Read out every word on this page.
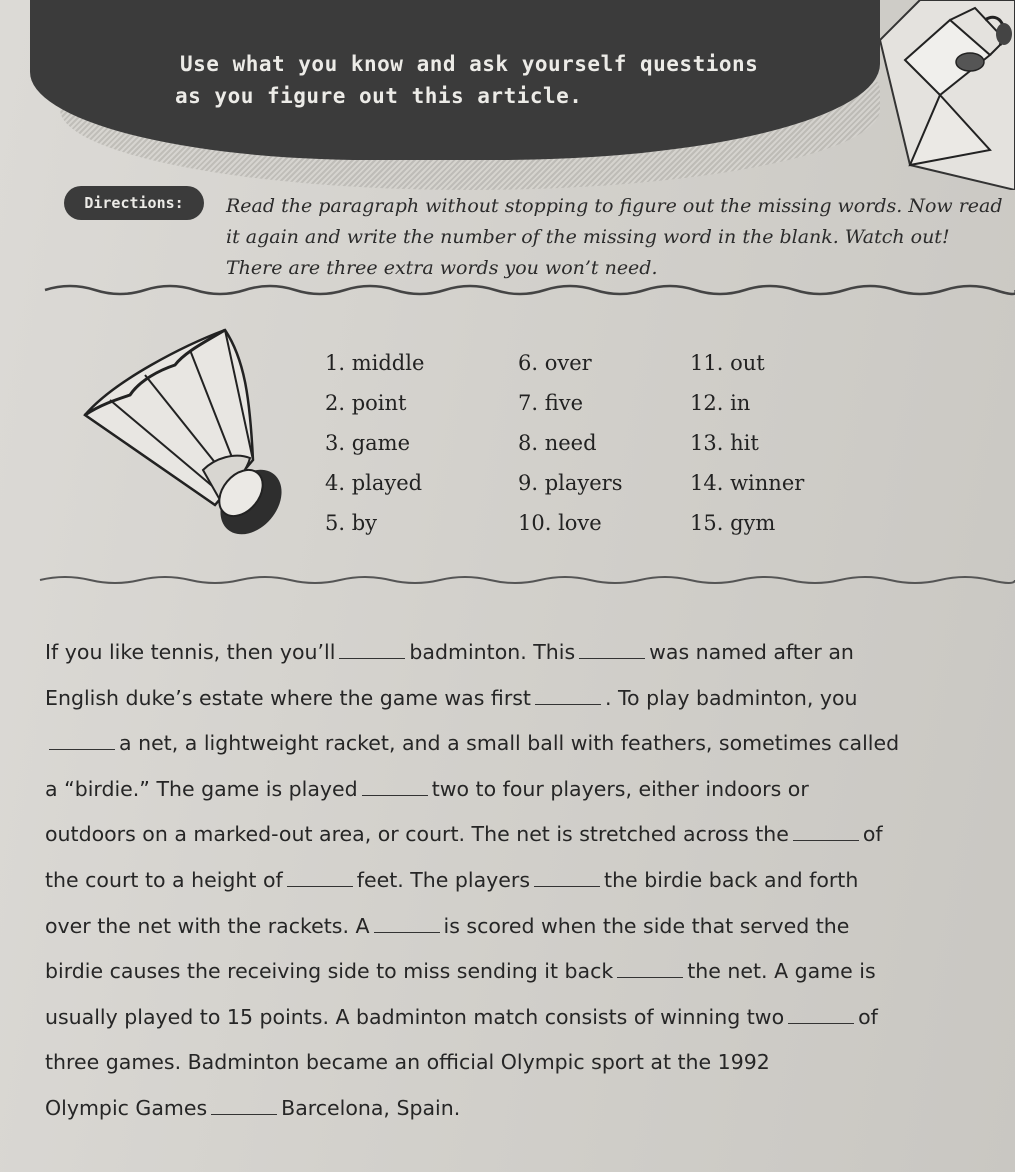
Use what you know and ask yourself questions
as you figure out this article.
Directions:	Read the paragraph without stopping to figure out the missing words. Now read
it again and write the number of the missing word in the blank. Watch out!
There are three extra words you won’t need.
1. middle
2. point
3. game
4. played
5. by
6. over
7. five
8. need
9. players
10. love
11. out
12. in
13. hit
14. winner
15. gym
If you like tennis, then you’ll	badminton. This	was named after an
English duke’s estate where the game was first	. To play badminton, you
a net, a lightweight racket, and a small ball with feathers, sometimes called
a “birdie.” The game is played	two to four players, either indoors or
outdoors on a marked-out area, or court. The net is stretched across the	of
the court to a height of	feet. The players	the birdie back and forth
over the net with the rackets. A	is scored when the side that served the
birdie causes the receiving side to miss sending it back	the net. A game is
usually played to 15 points. A badminton match consists of winning two	of
three games. Badminton became an official Olympic sport at the 1992
Olympic Games	Barcelona, Spain.
